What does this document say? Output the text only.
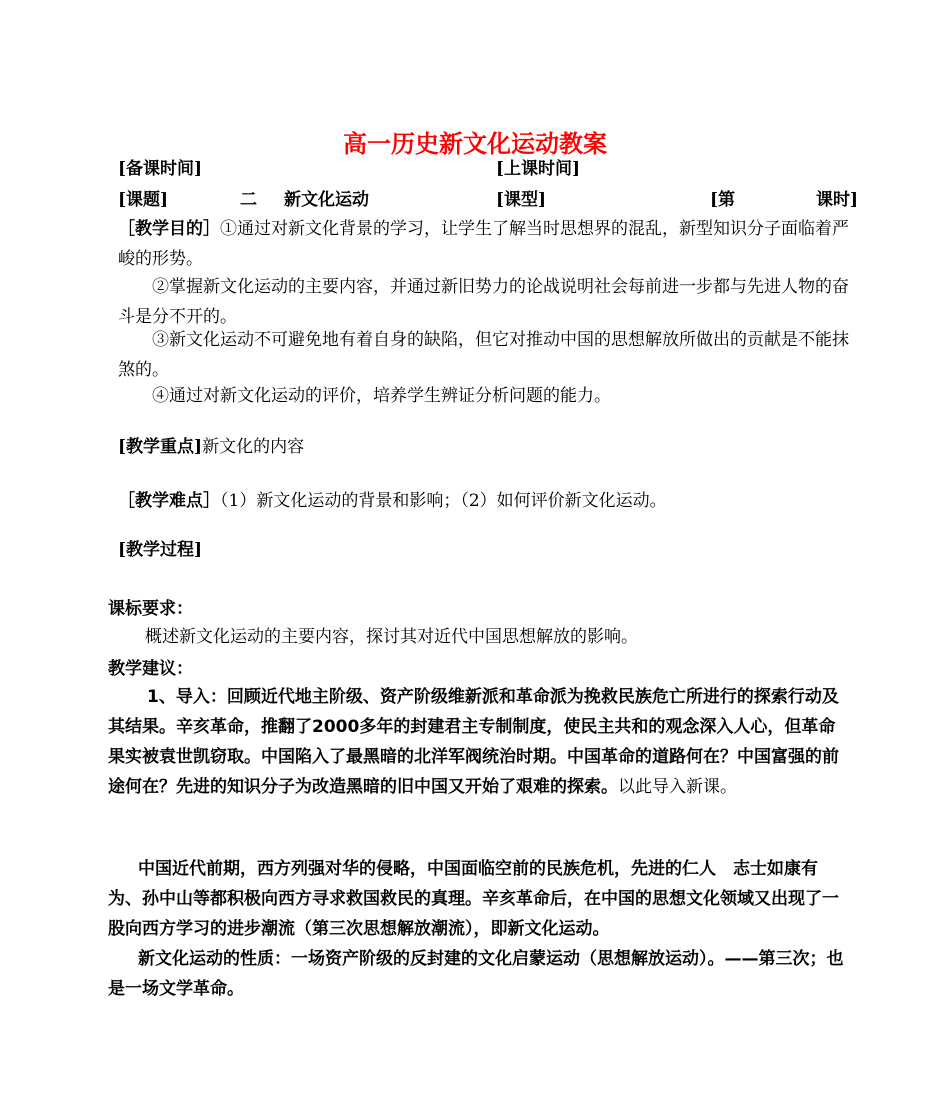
高一历史新文化运动教案
[备课时间]	[上课时间]
[课题]	二 新文化运动	[课型]	[第	课时]
［教学目的］①通过对新文化背景的学习，让学生了解当时思想界的混乱，新型知识分子面临着严峻的形势。
②掌握新文化运动的主要内容，并通过新旧势力的论战说明社会每前进一步都与先进人物的奋斗是分不开的。
③新文化运动不可避免地有着自身的缺陷，但它对推动中国的思想解放所做出的贡献是不能抹煞的。
④通过对新文化运动的评价，培养学生辨证分析问题的能力。
[教学重点]新文化的内容
［教学难点］（1）新文化运动的背景和影响；（2）如何评价新文化运动。
[教学过程]
课标要求：
概述新文化运动的主要内容，探讨其对近代中国思想解放的影响。
教学建议：
1、导入：回顾近代地主阶级、资产阶级维新派和革命派为挽救民族危亡所进行的探索行动及其结果。辛亥革命，推翻了2000多年的封建君主专制制度，使民主共和的观念深入人心，但革命果实被袁世凯窃取。中国陷入了最黑暗的北洋军阀统治时期。中国革命的道路何在？中国富强的前途何在？先进的知识分子为改造黑暗的旧中国又开始了艰难的探索。以此导入新课。
中国近代前期，西方列强对华的侵略，中国面临空前的民族危机，先进的仁人　志士如康有为、孙中山等都积极向西方寻求救国救民的真理。辛亥革命后，在中国的思想文化领域又出现了一股向西方学习的进步潮流（第三次思想解放潮流），即新文化运动。
新文化运动的性质：一场资产阶级的反封建的文化启蒙运动（思想解放运动）。——第三次；也是一场文学革命。
